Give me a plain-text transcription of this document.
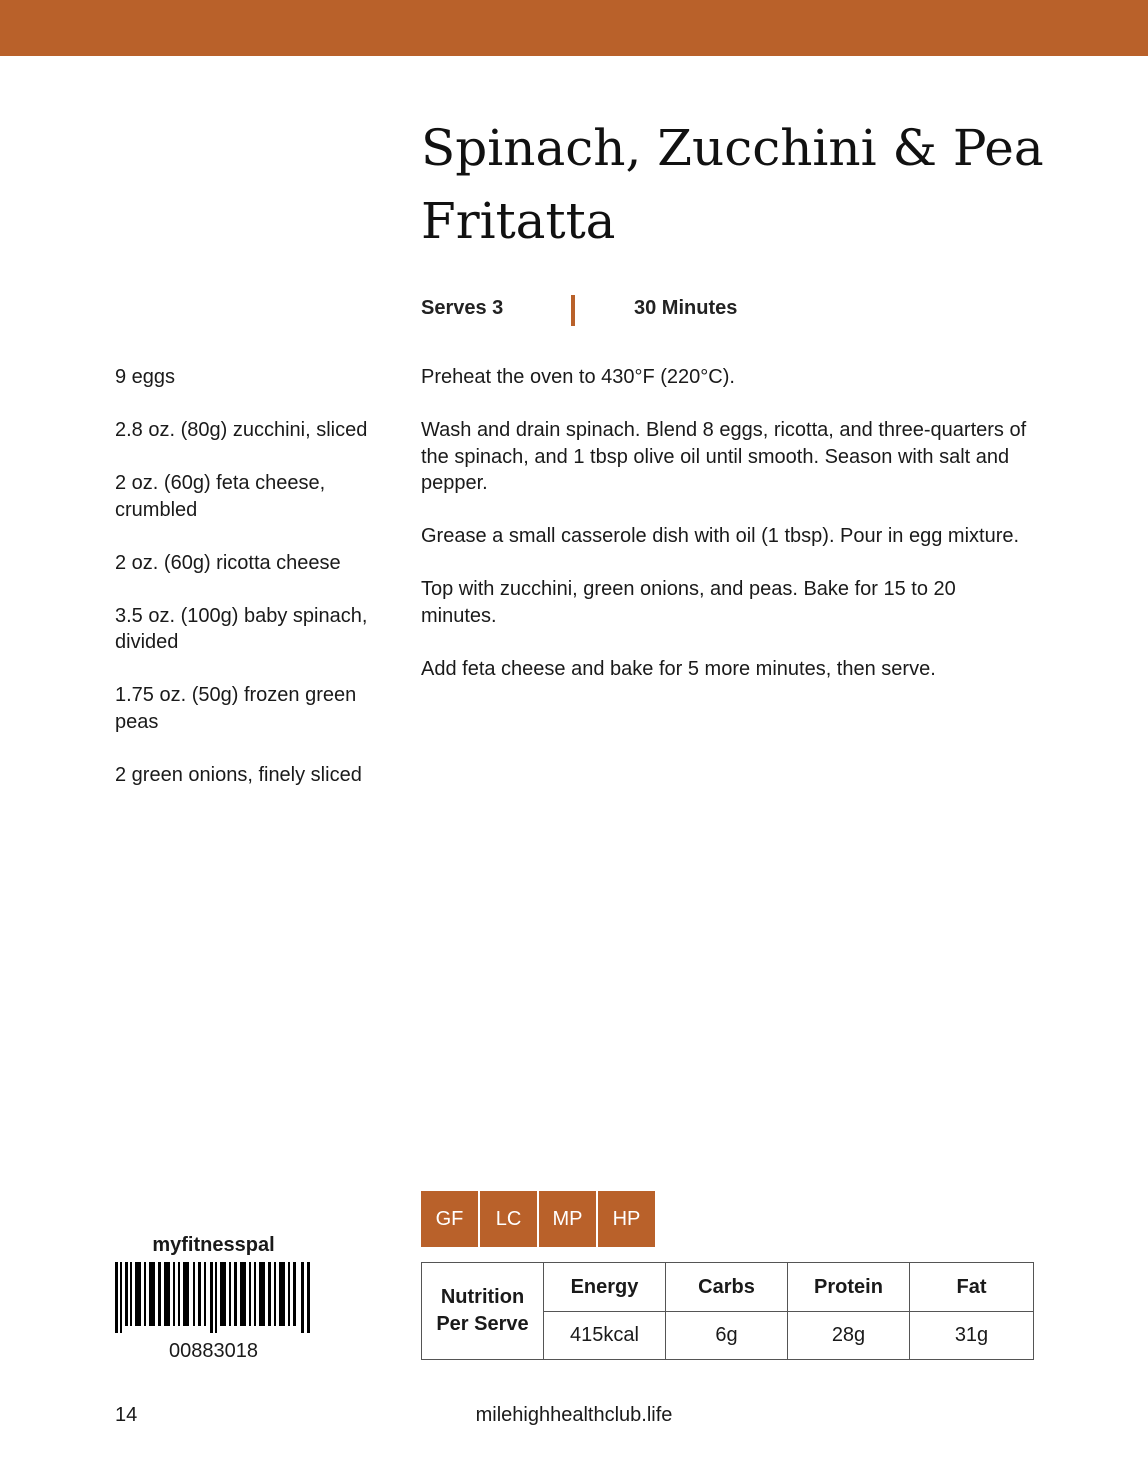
Spinach, Zucchini & Pea Fritatta
Serves 3	30 Minutes
9 eggs
2.8 oz. (80g) zucchini, sliced
2 oz. (60g) feta cheese, crumbled
2 oz. (60g) ricotta cheese
3.5 oz. (100g) baby spinach, divided
1.75 oz. (50g) frozen green peas
2 green onions, finely sliced

Preheat the oven to 430°F (220°C).

Wash and drain spinach. Blend 8 eggs, ricotta, and three-quarters of the spinach, and 1 tbsp olive oil until smooth. Season with salt and pepper.

Grease a small casserole dish with oil (1 tbsp). Pour in egg mixture.

Top with zucchini, green onions, and peas. Bake for 15 to 20 minutes.

Add feta cheese and bake for 5 more minutes, then serve.

myfitnesspal
00883018
GF	LC	MP	HP
Nutrition
Per Serve	Energy	Carbs	Protein	Fat
	415kcal	6g	28g	31g
14	milehighhealthclub.life
